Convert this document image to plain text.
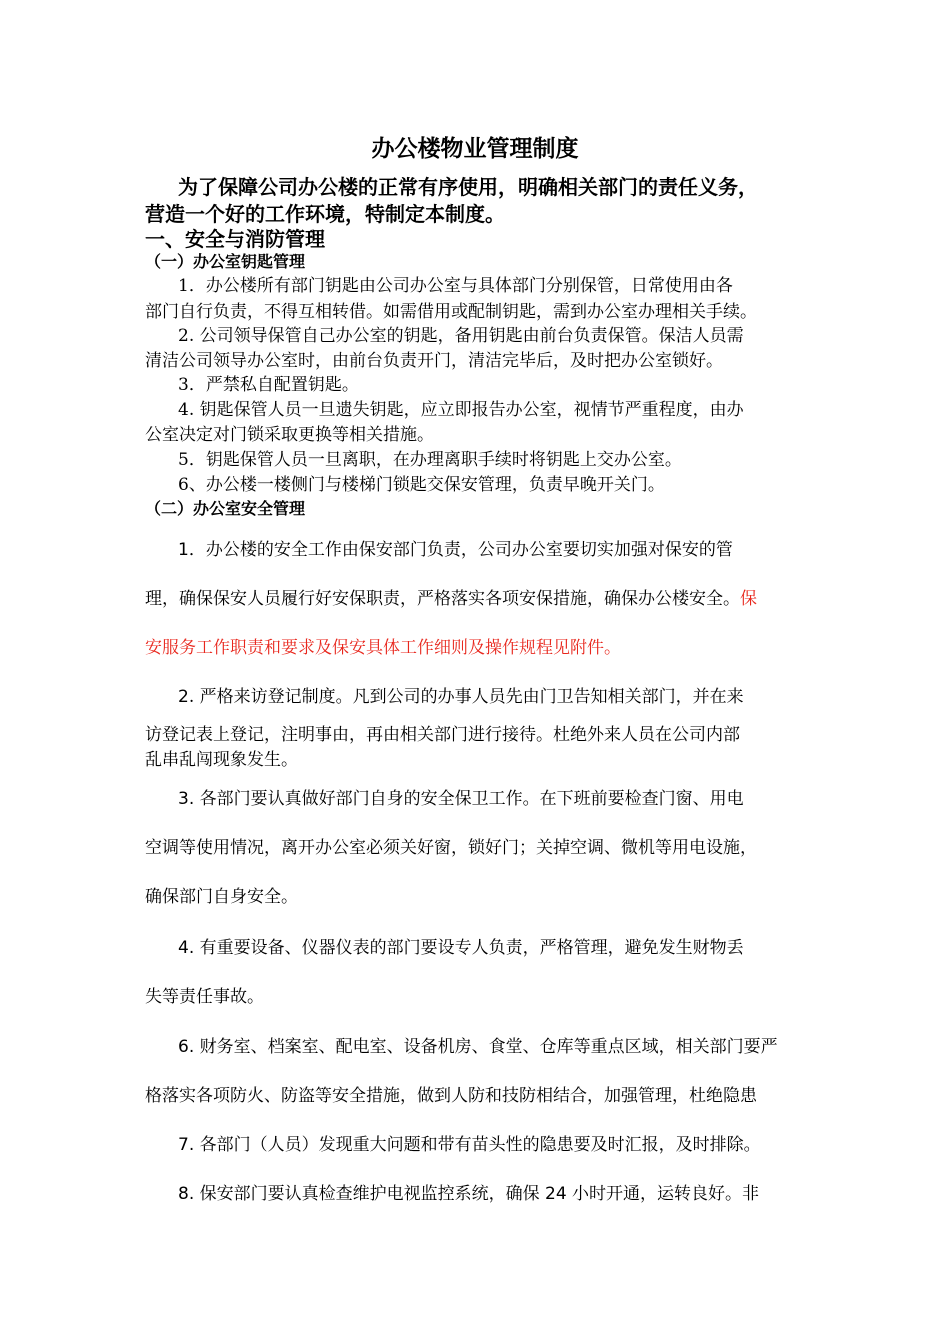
办公楼物业管理制度
为了保障公司办公楼的正常有序使用，明确相关部门的责任义务，
营造一个好的工作环境，特制定本制度。
一、安全与消防管理
（一）办公室钥匙管理
1．办公楼所有部门钥匙由公司办公室与具体部门分别保管，日常使用由各
部门自行负责，不得互相转借。如需借用或配制钥匙，需到办公室办理相关手续。
2. 公司领导保管自己办公室的钥匙，备用钥匙由前台负责保管。保洁人员需
清洁公司领导办公室时，由前台负责开门，清洁完毕后，及时把办公室锁好。
3．严禁私自配置钥匙。
4. 钥匙保管人员一旦遗失钥匙，应立即报告办公室，视情节严重程度，由办
公室决定对门锁采取更换等相关措施。
5．钥匙保管人员一旦离职，在办理离职手续时将钥匙上交办公室。
6、办公楼一楼侧门与楼梯门锁匙交保安管理，负责早晚开关门。
（二）办公室安全管理
1．办公楼的安全工作由保安部门负责，公司办公室要切实加强对保安的管
理，确保保安人员履行好安保职责，严格落实各项安保措施，确保办公楼安全。保
安服务工作职责和要求及保安具体工作细则及操作规程见附件。
2. 严格来访登记制度。凡到公司的办事人员先由门卫告知相关部门，并在来
访登记表上登记，注明事由，再由相关部门进行接待。杜绝外来人员在公司内部
乱串乱闯现象发生。
3. 各部门要认真做好部门自身的安全保卫工作。在下班前要检查门窗、用电
空调等使用情况，离开办公室必须关好窗，锁好门；关掉空调、微机等用电设施，
确保部门自身安全。
4. 有重要设备、仪器仪表的部门要设专人负责，严格管理，避免发生财物丢
失等责任事故。
6. 财务室、档案室、配电室、设备机房、食堂、仓库等重点区域，相关部门要严
格落实各项防火、防盗等安全措施，做到人防和技防相结合，加强管理，杜绝隐患
7. 各部门（人员）发现重大问题和带有苗头性的隐患要及时汇报，及时排除。
8. 保安部门要认真检查维护电视监控系统，确保 24 小时开通，运转良好。非
